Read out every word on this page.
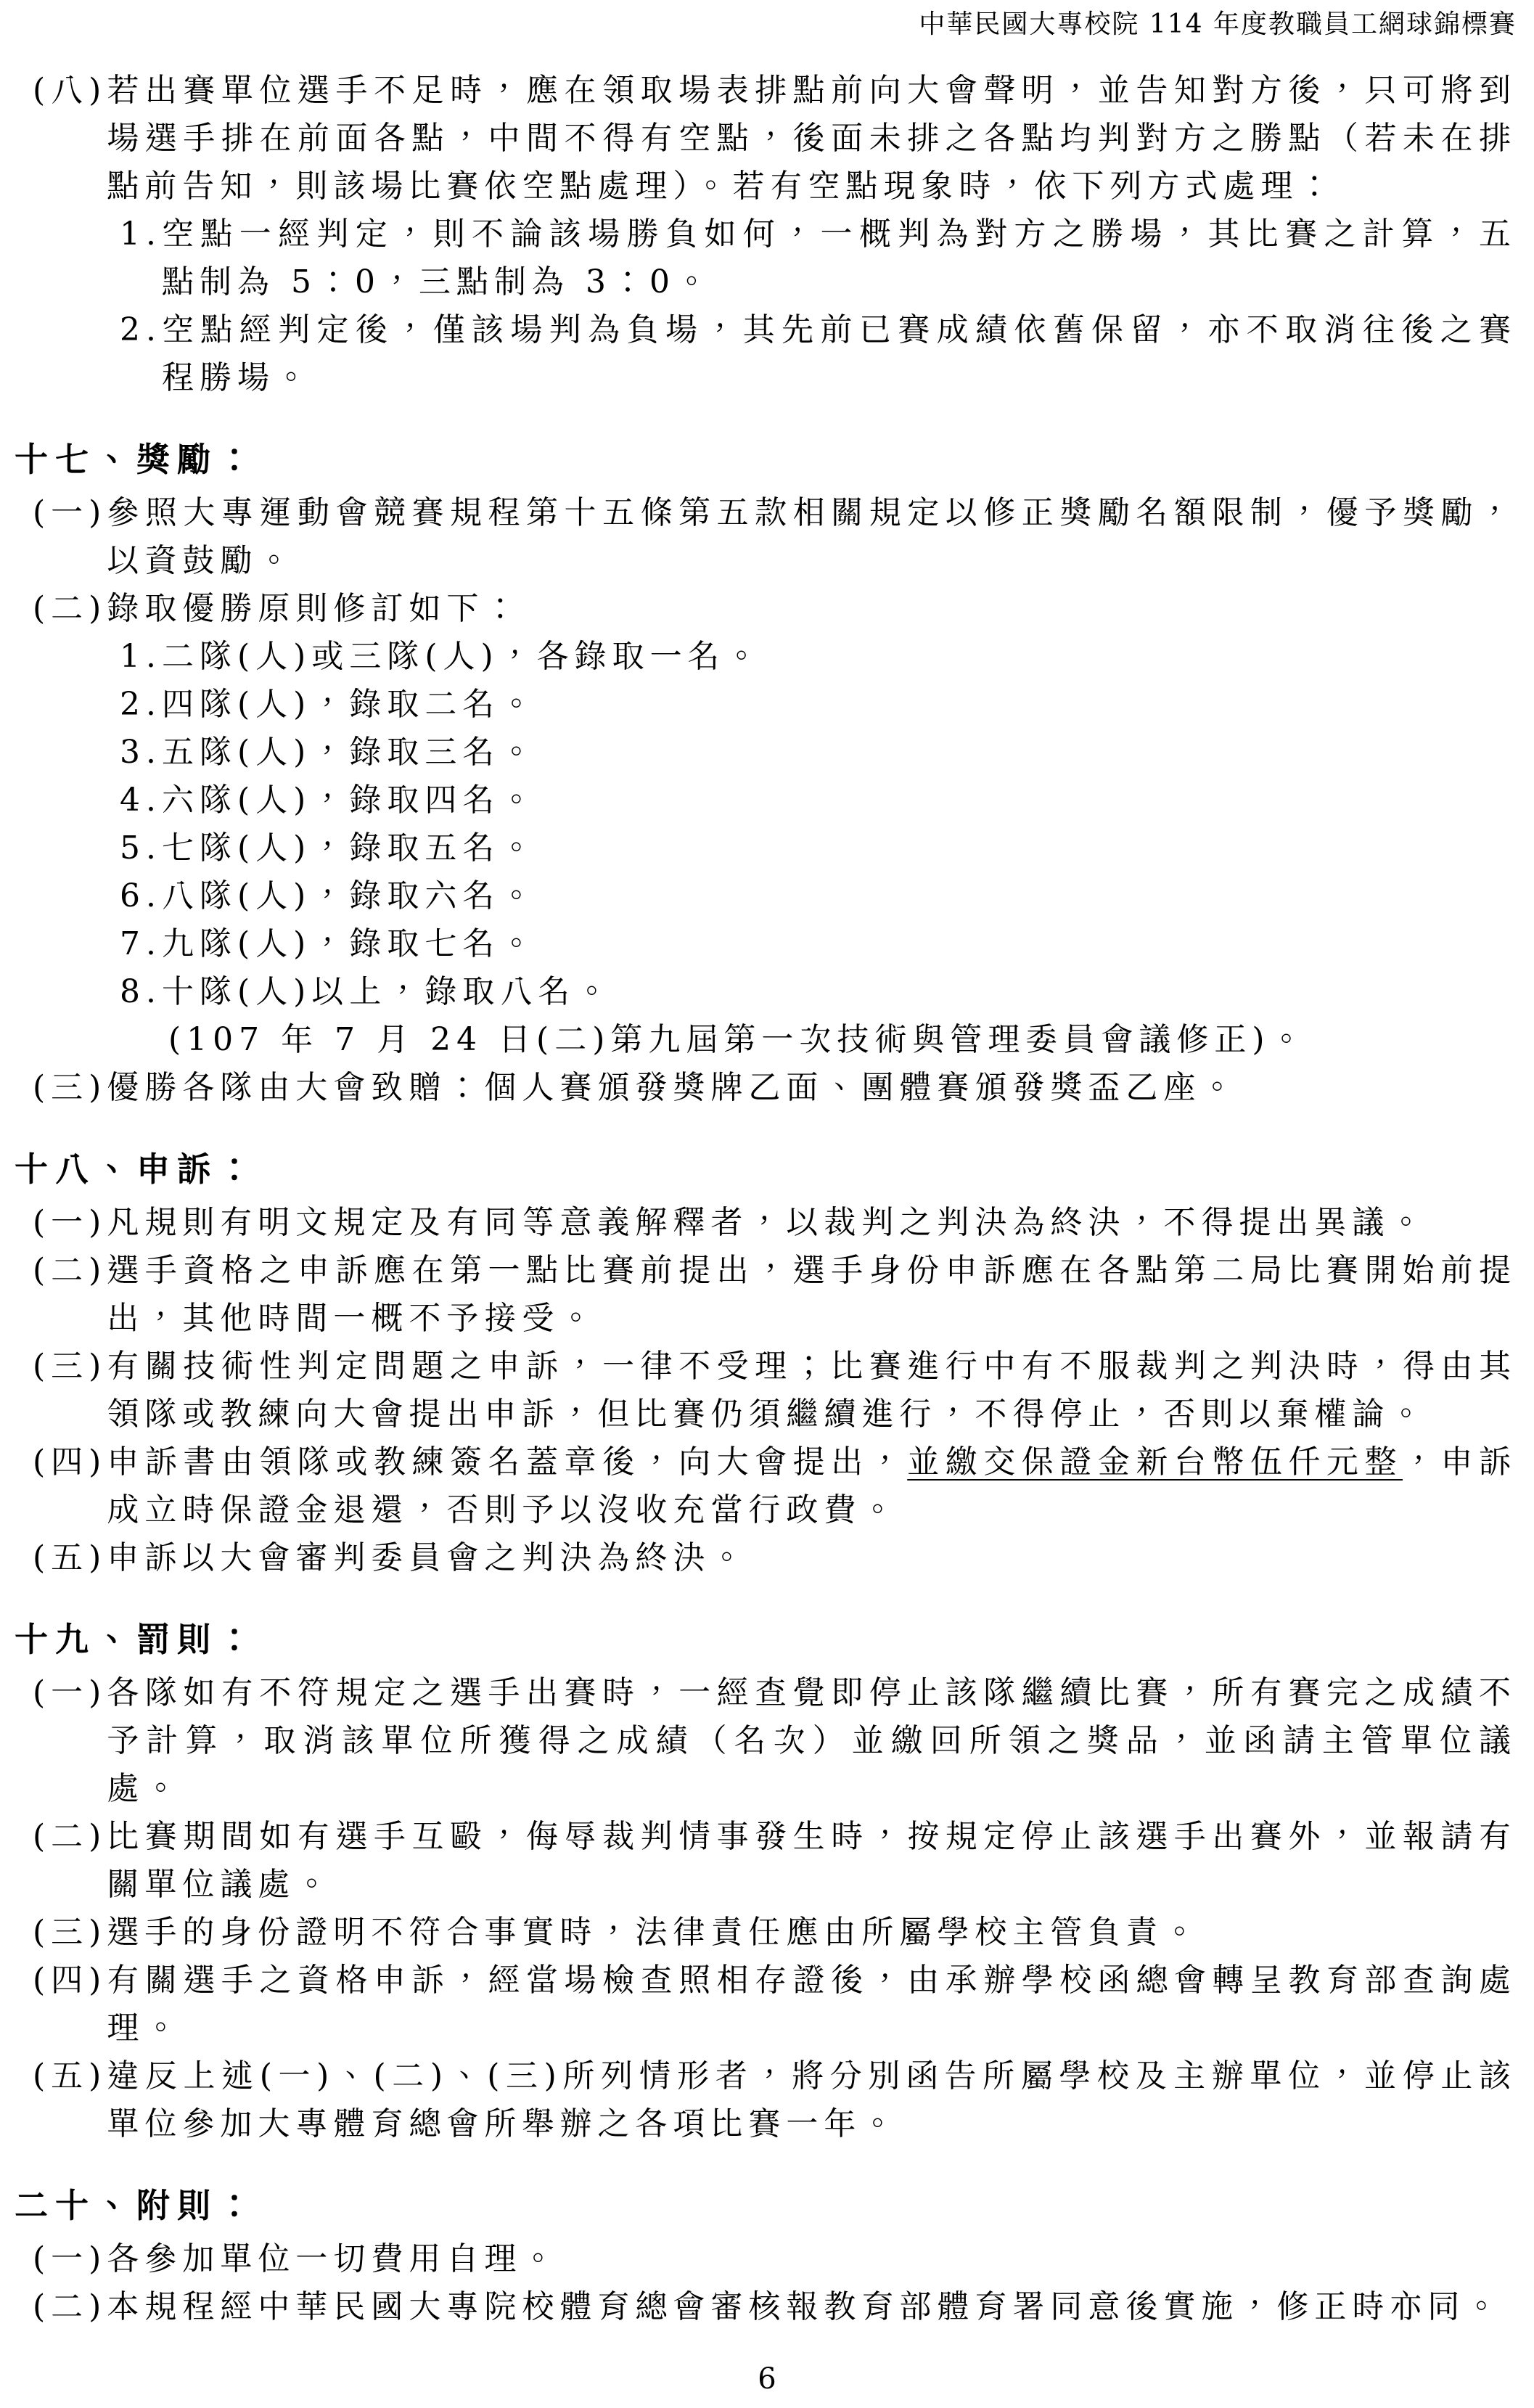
中華民國大專校院 114 年度教職員工網球錦標賽
(八) 若出賽單位選手不足時，應在領取場表排點前向大會聲明，並告知對方後，只可將到場選手排在前面各點，中間不得有空點，後面未排之各點均判對方之勝點（若未在排點前告知，則該場比賽依空點處理）。若有空點現象時，依下列方式處理：
1. 空點一經判定，則不論該場勝負如何，一概判為對方之勝場，其比賽之計算，五點制為 5：0，三點制為 3：0。
2. 空點經判定後，僅該場判為負場，其先前已賽成績依舊保留，亦不取消往後之賽程勝場。
十七、獎勵：
(一) 參照大專運動會競賽規程第十五條第五款相關規定以修正獎勵名額限制，優予獎勵，以資鼓勵。
(二) 錄取優勝原則修訂如下：
1. 二隊(人)或三隊(人)，各錄取一名。
2. 四隊(人)，錄取二名。
3. 五隊(人)，錄取三名。
4. 六隊(人)，錄取四名。
5. 七隊(人)，錄取五名。
6. 八隊(人)，錄取六名。
7. 九隊(人)，錄取七名。
8. 十隊(人)以上，錄取八名。
(107 年 7 月 24 日(二)第九屆第一次技術與管理委員會議修正)。
(三) 優勝各隊由大會致贈：個人賽頒發獎牌乙面、團體賽頒發獎盃乙座。
十八、申訴：
(一) 凡規則有明文規定及有同等意義解釋者，以裁判之判決為終決，不得提出異議。
(二) 選手資格之申訴應在第一點比賽前提出，選手身份申訴應在各點第二局比賽開始前提出，其他時間一概不予接受。
(三) 有關技術性判定問題之申訴，一律不受理；比賽進行中有不服裁判之判決時，得由其領隊或教練向大會提出申訴，但比賽仍須繼續進行，不得停止，否則以棄權論。
(四) 申訴書由領隊或教練簽名蓋章後，向大會提出，並繳交保證金新台幣伍仟元整，申訴成立時保證金退還，否則予以沒收充當行政費。
(五) 申訴以大會審判委員會之判決為終決。
十九、罰則：
(一) 各隊如有不符規定之選手出賽時，一經查覺即停止該隊繼續比賽，所有賽完之成績不予計算，取消該單位所獲得之成績（名次）並繳回所領之獎品，並函請主管單位議處。
(二) 比賽期間如有選手互毆，侮辱裁判情事發生時，按規定停止該選手出賽外，並報請有關單位議處。
(三) 選手的身份證明不符合事實時，法律責任應由所屬學校主管負責。
(四) 有關選手之資格申訴，經當場檢查照相存證後，由承辦學校函總會轉呈教育部查詢處理。
(五) 違反上述(一)、(二)、(三)所列情形者，將分別函告所屬學校及主辦單位，並停止該單位參加大專體育總會所舉辦之各項比賽一年。
二十、附則：
(一) 各參加單位一切費用自理。
(二) 本規程經中華民國大專院校體育總會審核報教育部體育署同意後實施，修正時亦同。
6
